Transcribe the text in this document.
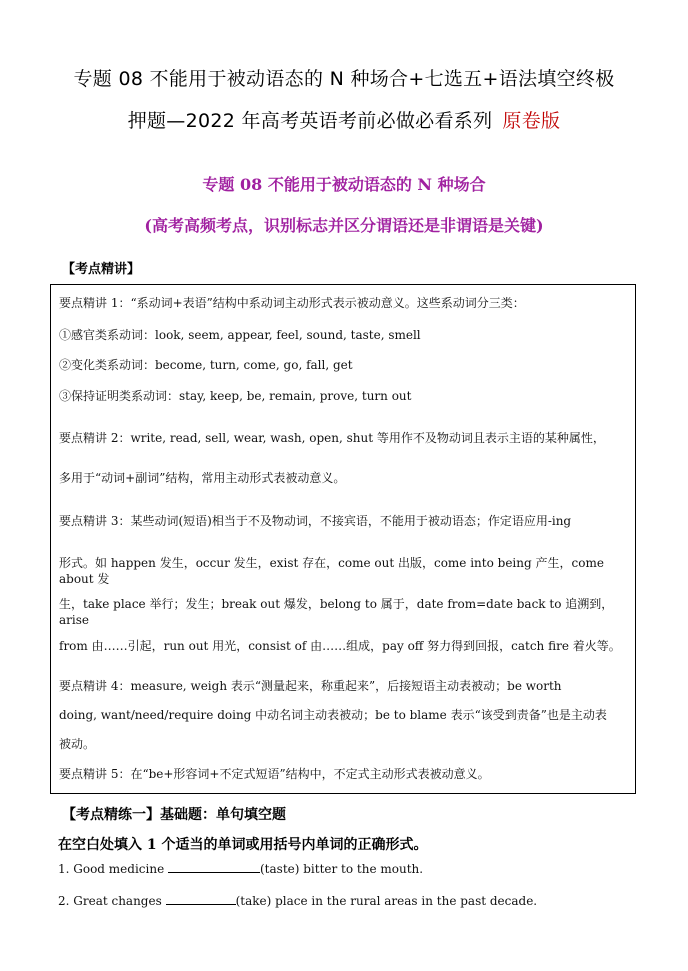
专题 08 不能用于被动语态的 N 种场合+七选五+语法填空终极
押题—2022 年高考英语考前必做必看系列 原卷版
专题 08 不能用于被动语态的 N 种场合
(高考高频考点，识别标志并区分谓语还是非谓语是关键)
【考点精讲】
要点精讲 1：“系动词+表语”结构中系动词主动形式表示被动意义。这些系动词分三类：
①感官类系动词：look, seem, appear, feel, sound, taste, smell
②变化类系动词：become, turn, come, go, fall, get
③保持证明类系动词：stay, keep, be, remain, prove, turn out
要点精讲 2：write, read, sell, wear, wash, open, shut 等用作不及物动词且表示主语的某种属性，
多用于“动词+副词”结构，常用主动形式表被动意义。
要点精讲 3：某些动词(短语)相当于不及物动词，不接宾语，不能用于被动语态；作定语应用-ing
形式。如 happen 发生，occur 发生，exist 存在，come out 出版，come into being 产生，come about 发
生，take place 举行；发生；break out 爆发，belong to 属于，date from=date back to 追溯到，arise
from 由……引起，run out 用光，consist of 由……组成，pay off 努力得到回报，catch fire 着火等。
要点精讲 4：measure, weigh 表示“测量起来，称重起来”，后接短语主动表被动；be worth
doing, want/need/require doing 中动名词主动表被动；be to blame 表示“该受到责备”也是主动表
被动。
要点精讲 5：在“be+形容词+不定式短语”结构中，不定式主动形式表被动意义。
【考点精练一】基础题：单句填空题
在空白处填入 1 个适当的单词或用括号内单词的正确形式。
1. Good medicine	(taste) bitter to the mouth.
2. Great changes	(take) place in the rural areas in the past decade.
